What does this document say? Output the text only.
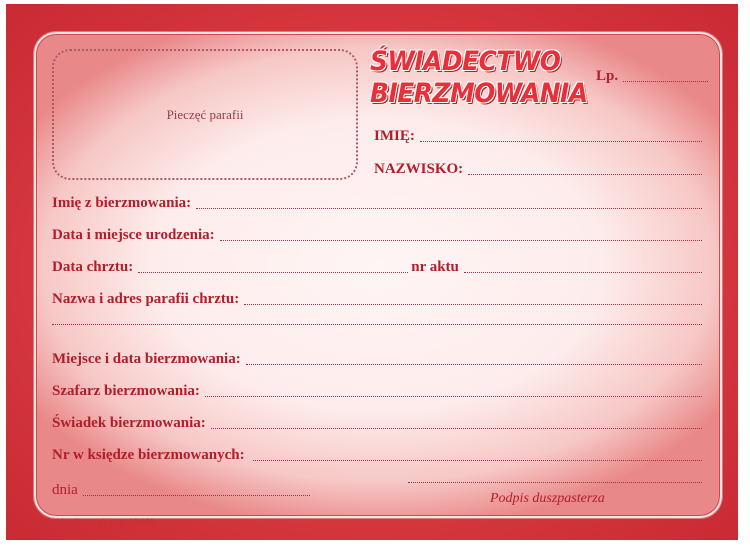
Pieczęć parafii
ŚWIADECTWO
BIERZMOWANIA
Lp.
IMIĘ:
NAZWISKO:
Imię z bierzmowania:
Data i miejsce urodzenia:
Data chrztu:	nr aktu
Nazwa i adres parafii chrztu:
Miejsce i data bierzmowania:
Szafarz bierzmowania:
Świadek bierzmowania:
Nr w księdze bierzmowanych:
dnia
Podpis duszpasterza
www.blondinum.pl, zam. 09/089
